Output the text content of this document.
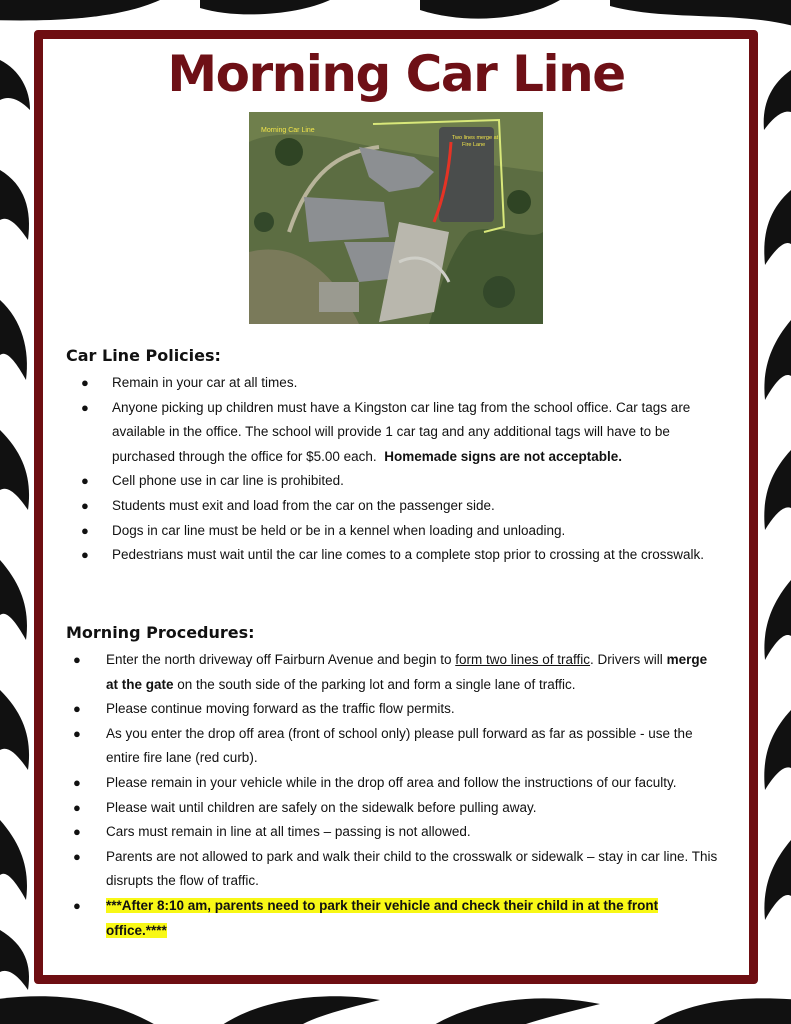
Morning Car Line
Morning Car Line
Two lines merge at
Fire Lane
Car Line Policies:
● Remain in your car at all times.
● Anyone picking up children must have a Kingston car line tag from the school office. Car tags are available in the office. The school will provide 1 car tag and any additional tags will have to be purchased through the office for $5.00 each. Homemade signs are not acceptable.
● Cell phone use in car line is prohibited.
● Students must exit and load from the car on the passenger side.
● Dogs in car line must be held or be in a kennel when loading and unloading.
● Pedestrians must wait until the car line comes to a complete stop prior to crossing at the crosswalk.
Morning Procedures:
● Enter the north driveway off Fairburn Avenue and begin to form two lines of traffic. Drivers will merge at the gate on the south side of the parking lot and form a single lane of traffic.
● Please continue moving forward as the traffic flow permits.
● As you enter the drop off area (front of school only) please pull forward as far as possible - use the entire fire lane (red curb).
● Please remain in your vehicle while in the drop off area and follow the instructions of our faculty.
● Please wait until children are safely on the sidewalk before pulling away.
● Cars must remain in line at all times – passing is not allowed.
● Parents are not allowed to park and walk their child to the crosswalk or sidewalk – stay in car line. This disrupts the flow of traffic.
● ***After 8:10 am, parents need to park their vehicle and check their child in at the front office.****
